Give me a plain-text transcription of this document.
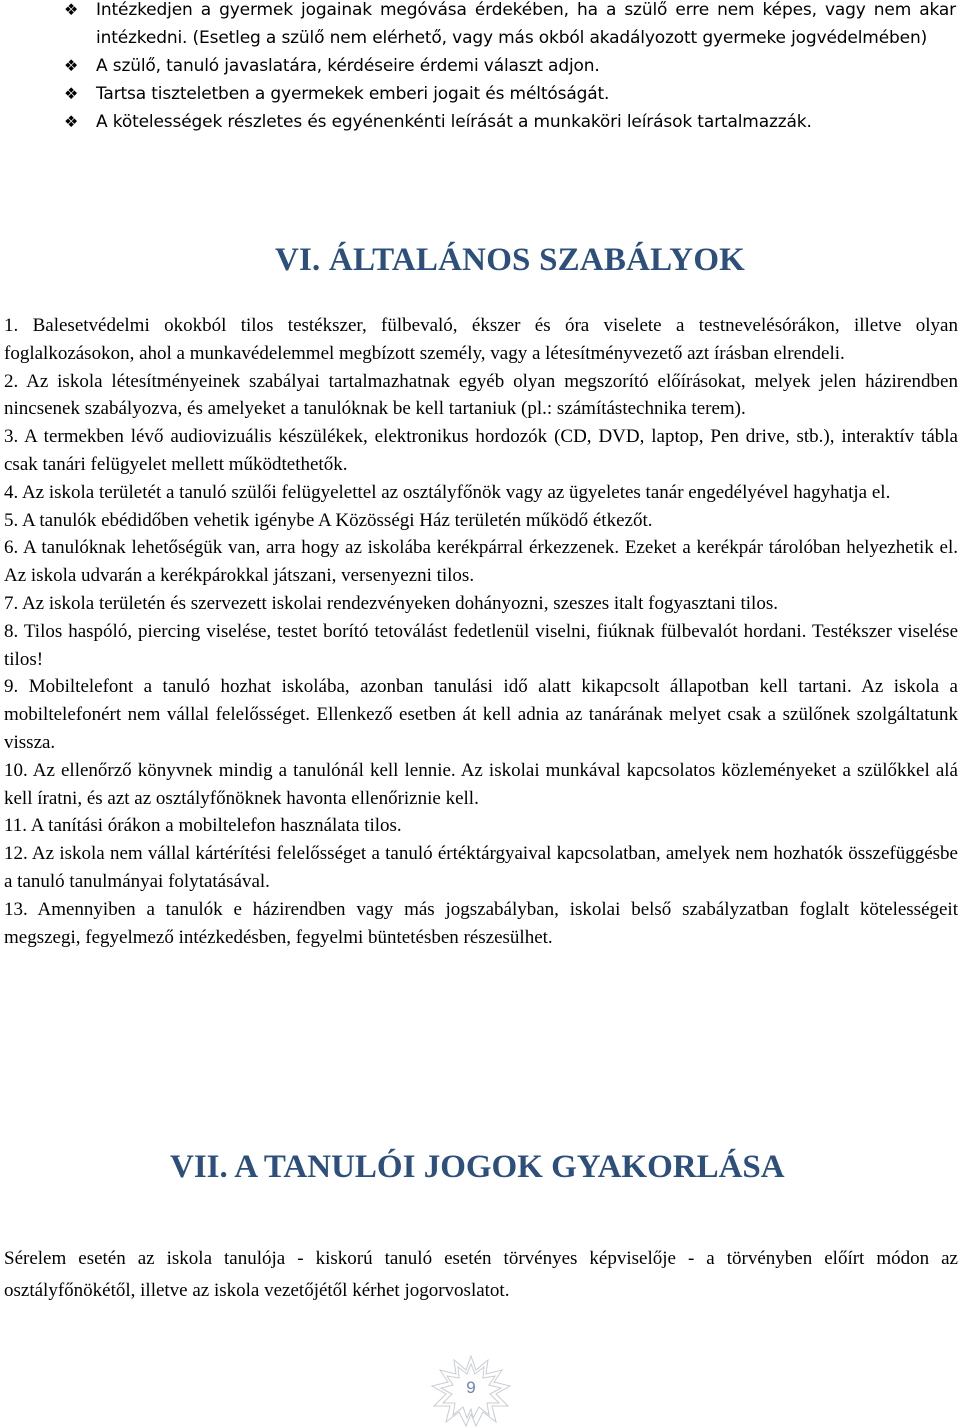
❖	Intézkedjen a gyermek jogainak megóvása érdekében, ha a szülő erre nem képes, vagy nem akar intézkedni. (Esetleg a szülő nem elérhető, vagy más okból akadályozott gyermeke jogvédelmében)
❖	A szülő, tanuló javaslatára, kérdéseire érdemi választ adjon.
❖	Tartsa tiszteletben a gyermekek emberi jogait és méltóságát.
❖	A kötelességek részletes és egyénenkénti leírását a munkaköri leírások tartalmazzák.
VI. ÁLTALÁNOS SZABÁLYOK

1. Balesetvédelmi okokból tilos testékszer, fülbevaló, ékszer és óra viselete a testnevelésórákon, illetve olyan foglalkozásokon, ahol a munkavédelemmel megbízott személy, vagy a létesítményvezető azt írásban elrendeli.

2. Az iskola létesítményeinek szabályai tartalmazhatnak egyéb olyan megszorító előírásokat, melyek jelen házirendben nincsenek szabályozva, és amelyeket a tanulóknak be kell tartaniuk (pl.: számítástechnika terem).

3. A termekben lévő audiovizuális készülékek, elektronikus hordozók (CD, DVD, laptop, Pen drive, stb.), interaktív tábla csak tanári felügyelet mellett működtethetők.

4. Az iskola területét a tanuló szülői felügyelettel az osztályfőnök vagy az ügyeletes tanár engedélyével hagyhatja el.

5. A tanulók ebédidőben vehetik igénybe A Közösségi Ház területén működő étkezőt.

6. A tanulóknak lehetőségük van, arra hogy az iskolába kerékpárral érkezzenek. Ezeket a kerékpár tárolóban helyezhetik el. Az iskola udvarán a kerékpárokkal játszani, versenyezni tilos.

7. Az iskola területén és szervezett iskolai rendezvényeken dohányozni, szeszes italt fogyasztani tilos.

8. Tilos haspóló, piercing viselése, testet borító tetoválást fedetlenül viselni, fiúknak fülbevalót hordani. Testékszer viselése tilos!

9. Mobiltelefont a tanuló hozhat iskolába, azonban tanulási idő alatt kikapcsolt állapotban kell tartani. Az iskola a mobiltelefonért nem vállal felelősséget. Ellenkező esetben át kell adnia az tanárának melyet csak a szülőnek szolgáltatunk vissza.

10. Az ellenőrző könyvnek mindig a tanulónál kell lennie. Az iskolai munkával kapcsolatos közleményeket a szülőkkel alá kell íratni, és azt az osztályfőnöknek havonta ellenőriznie kell.

11. A tanítási órákon a mobiltelefon használata tilos.

12. Az iskola nem vállal kártérítési felelősséget a tanuló értéktárgyaival kapcsolatban, amelyek nem hozhatók összefüggésbe a tanuló tanulmányai folytatásával.

13. Amennyiben a tanulók e házirendben vagy más jogszabályban, iskolai belső szabályzatban foglalt kötelességeit megszegi, fegyelmező intézkedésben, fegyelmi büntetésben részesülhet.

VII. A TANULÓI JOGOK GYAKORLÁSA

Sérelem esetén az iskola tanulója - kiskorú tanuló esetén törvényes képviselője - a törvényben előírt módon az osztályfőnökétől, illetve az iskola vezetőjétől kérhet jogorvoslatot.

9
